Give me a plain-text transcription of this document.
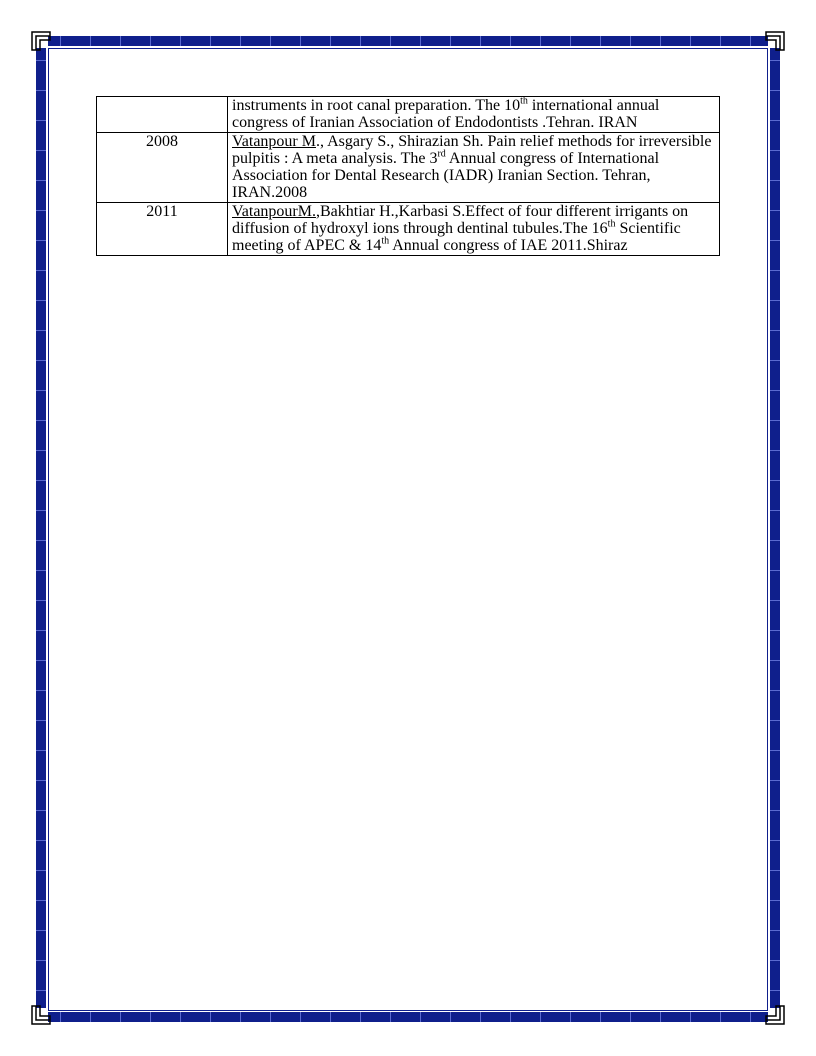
	instruments in root canal preparation. The 10th international annual congress of Iranian Association of Endodontists .Tehran. IRAN
2008	Vatanpour M., Asgary S., Shirazian Sh. Pain relief methods for irreversible pulpitis : A meta analysis. The 3rd Annual congress of International Association for Dental Research (IADR) Iranian Section. Tehran, IRAN.2008
2011	VatanpourM.,Bakhtiar H.,Karbasi S.Effect of four different irrigants on diffusion of hydroxyl ions through dentinal tubules.The 16th Scientific meeting of APEC & 14th Annual congress of IAE 2011.Shiraz
